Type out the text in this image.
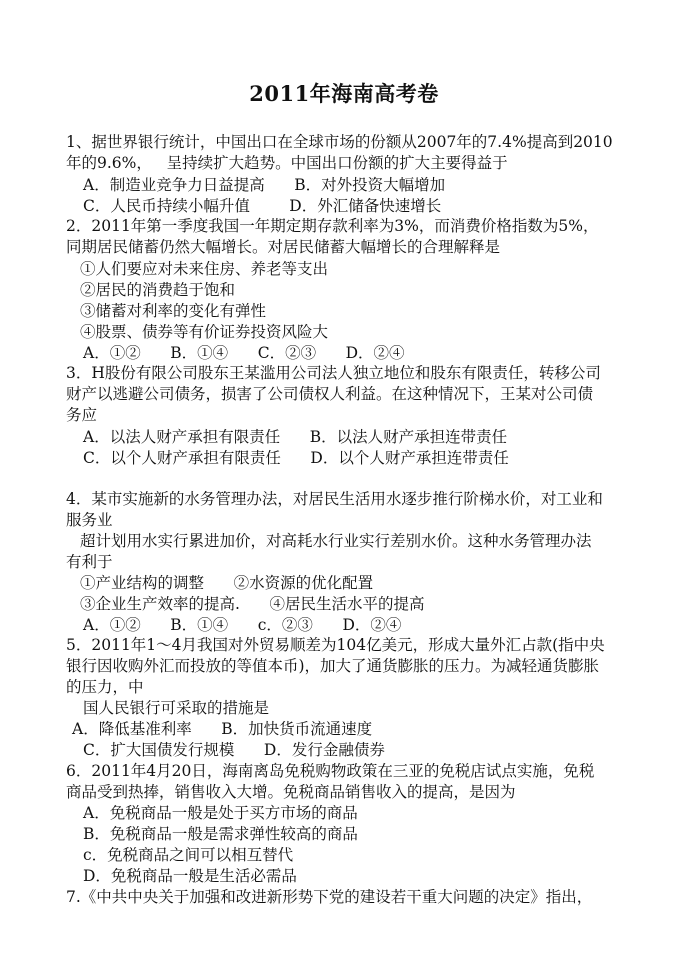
2011年海南高考卷
1、据世界银行统计，中国出口在全球市场的份额从2007年的7.4%提高到2010
年的9.6%，   呈持续扩大趋势。中国出口份额的扩大主要得益于
A．制造业竞争力日益提高      B．对外投资大幅增加
C．人民币持续小幅升值        D．外汇储备快速增长
2．2011年第一季度我国一年期定期存款利率为3%，而消费价格指数为5%，
同期居民储蓄仍然大幅增长。对居民储蓄大幅增长的合理解释是
①人们要应对未来住房、养老等支出
②居民的消费趋于饱和
③储蓄对利率的变化有弹性
④股票、债券等有价证券投资风险大
A．①②      B．①④      C．②③      D．②④
3．H股份有限公司股东王某滥用公司法人独立地位和股东有限责任，转移公司
财产以逃避公司债务，损害了公司债权人利益。在这种情况下，王某对公司债
务应
A．以法人财产承担有限责任      B．以法人财产承担连带责任
C．以个人财产承担有限责任      D．以个人财产承担连带责任
4．某市实施新的水务管理办法，对居民生活用水逐步推行阶梯水价，对工业和
服务业
超计划用水实行累进加价，对高耗水行业实行差别水价。这种水务管理办法
有利于
①产业结构的调整      ②水资源的优化配置
③企业生产效率的提高.      ④居民生活水平的提高
A．①②      B．①④      c．②③      D．②④
5．2011年1～4月我国对外贸易顺差为104亿美元，形成大量外汇占款(指中央
银行因收购外汇而投放的等值本币)，加大了通货膨胀的压力。为减轻通货膨胀
的压力，中
国人民银行可采取的措施是
A．降低基准利率      B．加快货币流通速度
C．扩大国债发行规模      D．发行金融债券
6．2011年4月20日，海南离岛免税购物政策在三亚的免税店试点实施，免税
商品受到热捧，销售收入大增。免税商品销售收入的提高，是因为
A．免税商品一般是处于买方市场的商品
B．免税商品一般是需求弹性较高的商品
c．免税商品之间可以相互替代
D．免税商品一般是生活必需品
7.《中共中央关于加强和改进新形势下党的建设若干重大问题的决定》指出，
